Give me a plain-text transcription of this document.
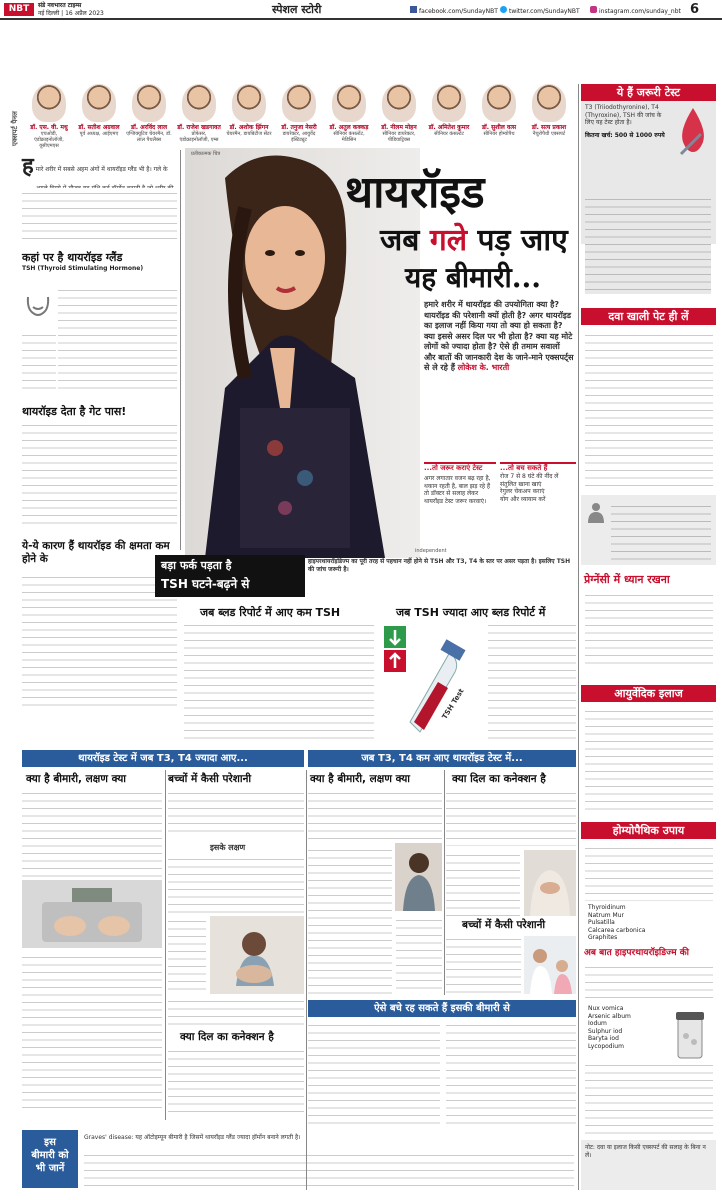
NBT	संडे नवभारत टाइम्स
नई दिल्ली | 16 अप्रैल 2023	स्पेशल स्टोरी	facebook.com/SundayNBT	twitter.com/SundayNBT	instagram.com/sunday_nbt 6
एक्सपर्ट पैनल	डॉ. एस. वी. मधु
एचओडी, एंडोक्राइनोलॉजी, यूसीएमएस
डॉ. सतीश अग्रवाल
पूर्व अध्यक्ष, आईएमए
डॉ. अरविंद लाल
एग्जिक्यूटिव चेयरमैन, डॉ. लाल पैथलैब्स
डॉ. राजेश खडगावत
प्रोफेसर, एंडोक्राइनोलॉजी, एम्स
डॉ. अशोक झिंगन
चेयरमैन, डायबिटीज सेंटर
डॉ. तनुजा नेसरी
डायरेक्टर, आयुर्वेद इंस्टिट्यूट
डॉ. अतुल कक्कड़
सीनियर कंसल्टेंट, मेडिसिन
डॉ. नीलम मोहन
सीनियर डायरेक्टर, पीडियाट्रिक्स
डॉ. अमितेश कुमार
सीनियर कंसल्टेंट
डॉ. सुशील वत्स
सीनियर होम्योपैथ
डॉ. सत्य प्रकाश
नैचुरोपैथी एक्सपर्ट
ह मारे शरीर में सबसे अहम अंगों में थायरॉइड ग्लैंड भी है। गले के
कहां पर है थायरॉइड ग्लैंड
TSH (Thyroid Stimulating Hormone)
थायरॉइड देता है गेट पास!
ये-ये कारण हैं थायरॉइड की क्षमता कम होने के
प्रतीकात्मक चित्र
independent
थायरॉइड
जब गले पड़ जाए
यह बीमारी...
हमारे शरीर में थायरॉइड की उपयोगिता क्या है? थायरॉइड की परेशानी क्यों होती है? अगर थायरॉइड का इलाज नहीं किया गया तो क्या हो सकता है? क्या इससे असर दिल पर भी होता है? क्या यह मोटे लोगों को ज्यादा होता है? ऐसे ही तमाम सवालों और बातों की जानकारी देश के जाने-माने एक्सपर्ट्स से ले रहे हैं लोकेश के. भारती
...तो जरूर कराएं टेस्ट
अगर लगातार वजन बढ़ रहा है, थकान रहती है, बाल झड़ रहे हैं तो डॉक्टर से सलाह लेकर थायरॉइड टेस्ट जरूर करवाएं।
...तो बच सकते हैं
रोज 7 से 8 घंटे की नींद लें
संतुलित खाना खाएं
रेगुलर चेकअप कराएं
योग और व्यायाम करें
बड़ा फर्क पड़ता है
TSH घटने-बढ़ने से
हाइपरथायरॉइडिज्म का पूरी तरह से पहचान नहीं होने से TSH और T3, T4 के स्तर पर असर पड़ता है। इसलिए TSH की जांच जरूरी है।
जब ब्लड रिपोर्ट में आए कम TSH	जब TSH ज्यादा आए ब्लड रिपोर्ट में
TSH Test
थायरॉइड टेस्ट में जब T3, T4 ज्यादा आए...	जब T3, T4 कम आए थायरॉइड टेस्ट में...
क्या है बीमारी, लक्षण क्या	बच्चों में कैसी परेशानी
इसके लक्षण
क्या दिल का कनेक्शन है
क्या है बीमारी, लक्षण क्या	क्या दिल का कनेक्शन है
बच्चों में कैसी परेशानी
ऐसे बचे रह सकते हैं इसकी बीमारी से
इस
बीमारी को
भी जानें
Graves' disease: यह ऑटोइम्यून बीमारी है जिसमें थायरॉइड ग्लैंड ज्यादा हॉर्मोन बनाने लगती है।
ये हैं जरूरी टेस्ट
T3 (Triiodothyronine), T4 (Thyroxine), TSH की जांच के लिए यह टेस्ट होता है।
कितना खर्च: 500 से 1000 रुपये
दवा खाली पेट ही लें
प्रेग्नेंसी में ध्यान रखना
आयुर्वेदिक इलाज
होम्योपैथिक उपाय
Thyroidinum
Natrum Mur
Pulsatilla
Calcarea carbonica
Graphites
अब बात हाइपरथायरॉइडिज्म की
Nux vomica
Arsenic album
Iodum
Sulphur iod
Baryta iod
Lycopodium
नोट: दवा या इलाज किसी एक्सपर्ट की सलाह के बिना न लें।
